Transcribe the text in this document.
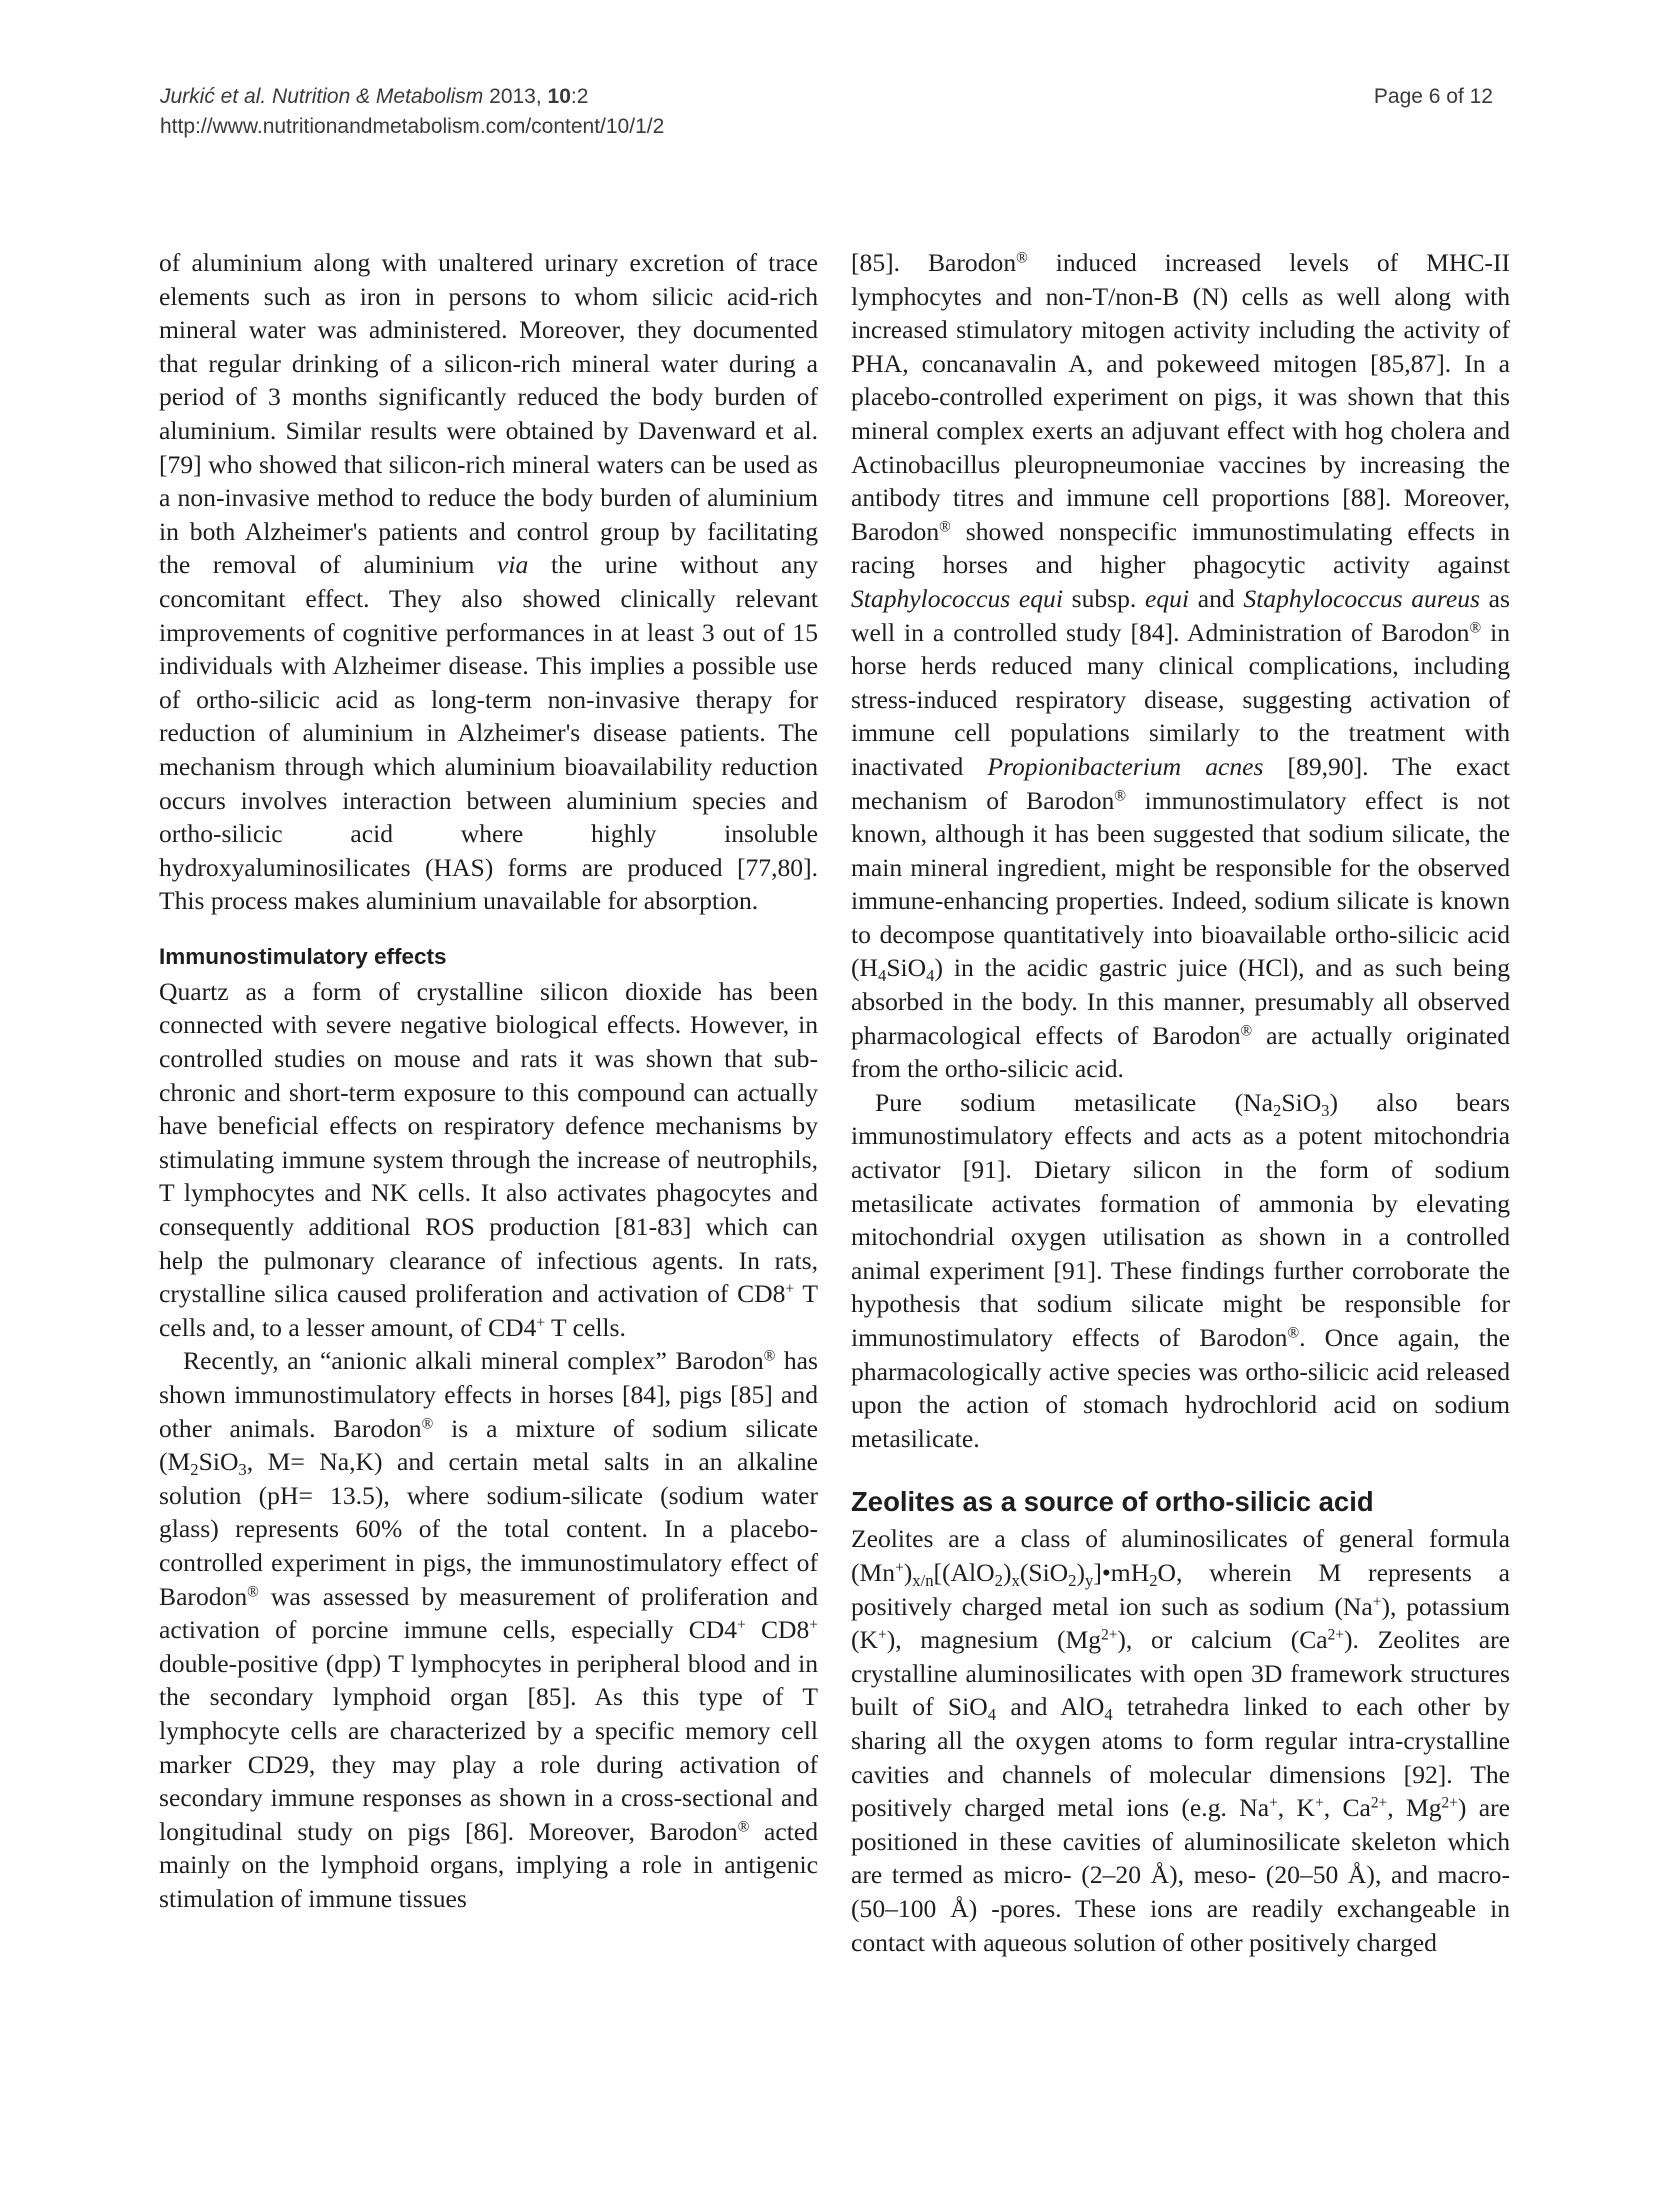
Jurkić et al. Nutrition & Metabolism 2013, 10:2
http://www.nutritionandmetabolism.com/content/10/1/2
Page 6 of 12

of aluminium along with unaltered urinary excretion of trace elements such as iron in persons to whom silicic acid-rich mineral water was administered. Moreover, they documented that regular drinking of a silicon-rich mineral water during a period of 3 months significantly reduced the body burden of aluminium. Similar results were obtained by Davenward et al. [79] who showed that silicon-rich mineral waters can be used as a non-invasive method to reduce the body burden of aluminium in both Alzheimer's patients and control group by facilitating the removal of aluminium via the urine without any concomitant effect. They also showed clinically relevant improvements of cognitive performances in at least 3 out of 15 individuals with Alzheimer disease. This implies a possible use of ortho-silicic acid as long-term non-invasive therapy for reduction of aluminium in Alzheimer's disease patients. The mechanism through which aluminium bioavailability reduction occurs involves interaction between aluminium species and ortho-silicic acid where highly insoluble hydroxyaluminosilicates (HAS) forms are produced [77,80]. This process makes aluminium unavailable for absorption.

Immunostimulatory effects

Quartz as a form of crystalline silicon dioxide has been connected with severe negative biological effects. However, in controlled studies on mouse and rats it was shown that sub-chronic and short-term exposure to this compound can actually have beneficial effects on respiratory defence mechanisms by stimulating immune system through the increase of neutrophils, T lymphocytes and NK cells. It also activates phagocytes and consequently additional ROS production [81-83] which can help the pulmonary clearance of infectious agents. In rats, crystalline silica caused proliferation and activation of CD8+ T cells and, to a lesser amount, of CD4+ T cells.

Recently, an “anionic alkali mineral complex” Barodon® has shown immunostimulatory effects in horses [84], pigs [85] and other animals. Barodon® is a mixture of sodium silicate ($M_2SiO_3$, M= Na,K) and certain metal salts in an alkaline solution (pH= 13.5), where sodium-silicate (sodium water glass) represents 60% of the total content. In a placebo-controlled experiment in pigs, the immunostimulatory effect of Barodon® was assessed by measurement of proliferation and activation of porcine immune cells, especially CD4+ CD8+ double-positive (dpp) T lymphocytes in peripheral blood and in the secondary lymphoid organ [85]. As this type of T lymphocyte cells are characterized by a specific memory cell marker CD29, they may play a role during activation of secondary immune responses as shown in a cross-sectional and longitudinal study on pigs [86]. Moreover, Barodon® acted mainly on the lymphoid organs, implying a role in antigenic stimulation of immune tissues

[85]. Barodon® induced increased levels of MHC-II lymphocytes and non-T/non-B (N) cells as well along with increased stimulatory mitogen activity including the activity of PHA, concanavalin A, and pokeweed mitogen [85,87]. In a placebo-controlled experiment on pigs, it was shown that this mineral complex exerts an adjuvant effect with hog cholera and Actinobacillus pleuropneumoniae vaccines by increasing the antibody titres and immune cell proportions [88]. Moreover, Barodon® showed nonspecific immunostimulating effects in racing horses and higher phagocytic activity against Staphylococcus equi subsp. equi and Staphylococcus aureus as well in a controlled study [84]. Administration of Barodon® in horse herds reduced many clinical complications, including stress-induced respiratory disease, suggesting activation of immune cell populations similarly to the treatment with inactivated Propionibacterium acnes [89,90]. The exact mechanism of Barodon® immunostimulatory effect is not known, although it has been suggested that sodium silicate, the main mineral ingredient, might be responsible for the observed immune-enhancing properties. Indeed, sodium silicate is known to decompose quantitatively into bioavailable ortho-silicic acid $(H_4SiO_4)$ in the acidic gastric juice (HCl), and as such being absorbed in the body. In this manner, presumably all observed pharmacological effects of Barodon® are actually originated from the ortho-silicic acid.

Pure sodium metasilicate $(Na_2SiO_3)$ also bears immunostimulatory effects and acts as a potent mitochondria activator [91]. Dietary silicon in the form of sodium metasilicate activates formation of ammonia by elevating mitochondrial oxygen utilisation as shown in a controlled animal experiment [91]. These findings further corroborate the hypothesis that sodium silicate might be responsible for immunostimulatory effects of Barodon®. Once again, the pharmacologically active species was ortho-silicic acid released upon the action of stomach hydrochlorid acid on sodium metasilicate.

Zeolites as a source of ortho-silicic acid

Zeolites are a class of aluminosilicates of general formula $(Mn^+)_{x/n}[(AlO_2)_x(SiO_2)_y]•mH_2O$, wherein M represents a positively charged metal ion such as sodium (Na+), potassium (K+), magnesium $(Mg^{2+})$, or calcium $(Ca^{2+})$. Zeolites are crystalline aluminosilicates with open 3D framework structures built of SiO$_4$ and AlO$_4$ tetrahedra linked to each other by sharing all the oxygen atoms to form regular intra-crystalline cavities and channels of molecular dimensions [92]. The positively charged metal ions (e.g. Na+, K+, $Ca^{2+}$, $Mg^{2+}$) are positioned in these cavities of aluminosilicate skeleton which are termed as micro- (2–20 Å), meso- (20–50 Å), and macro-(50–100 Å) -pores. These ions are readily exchangeable in contact with aqueous solution of other positively charged
